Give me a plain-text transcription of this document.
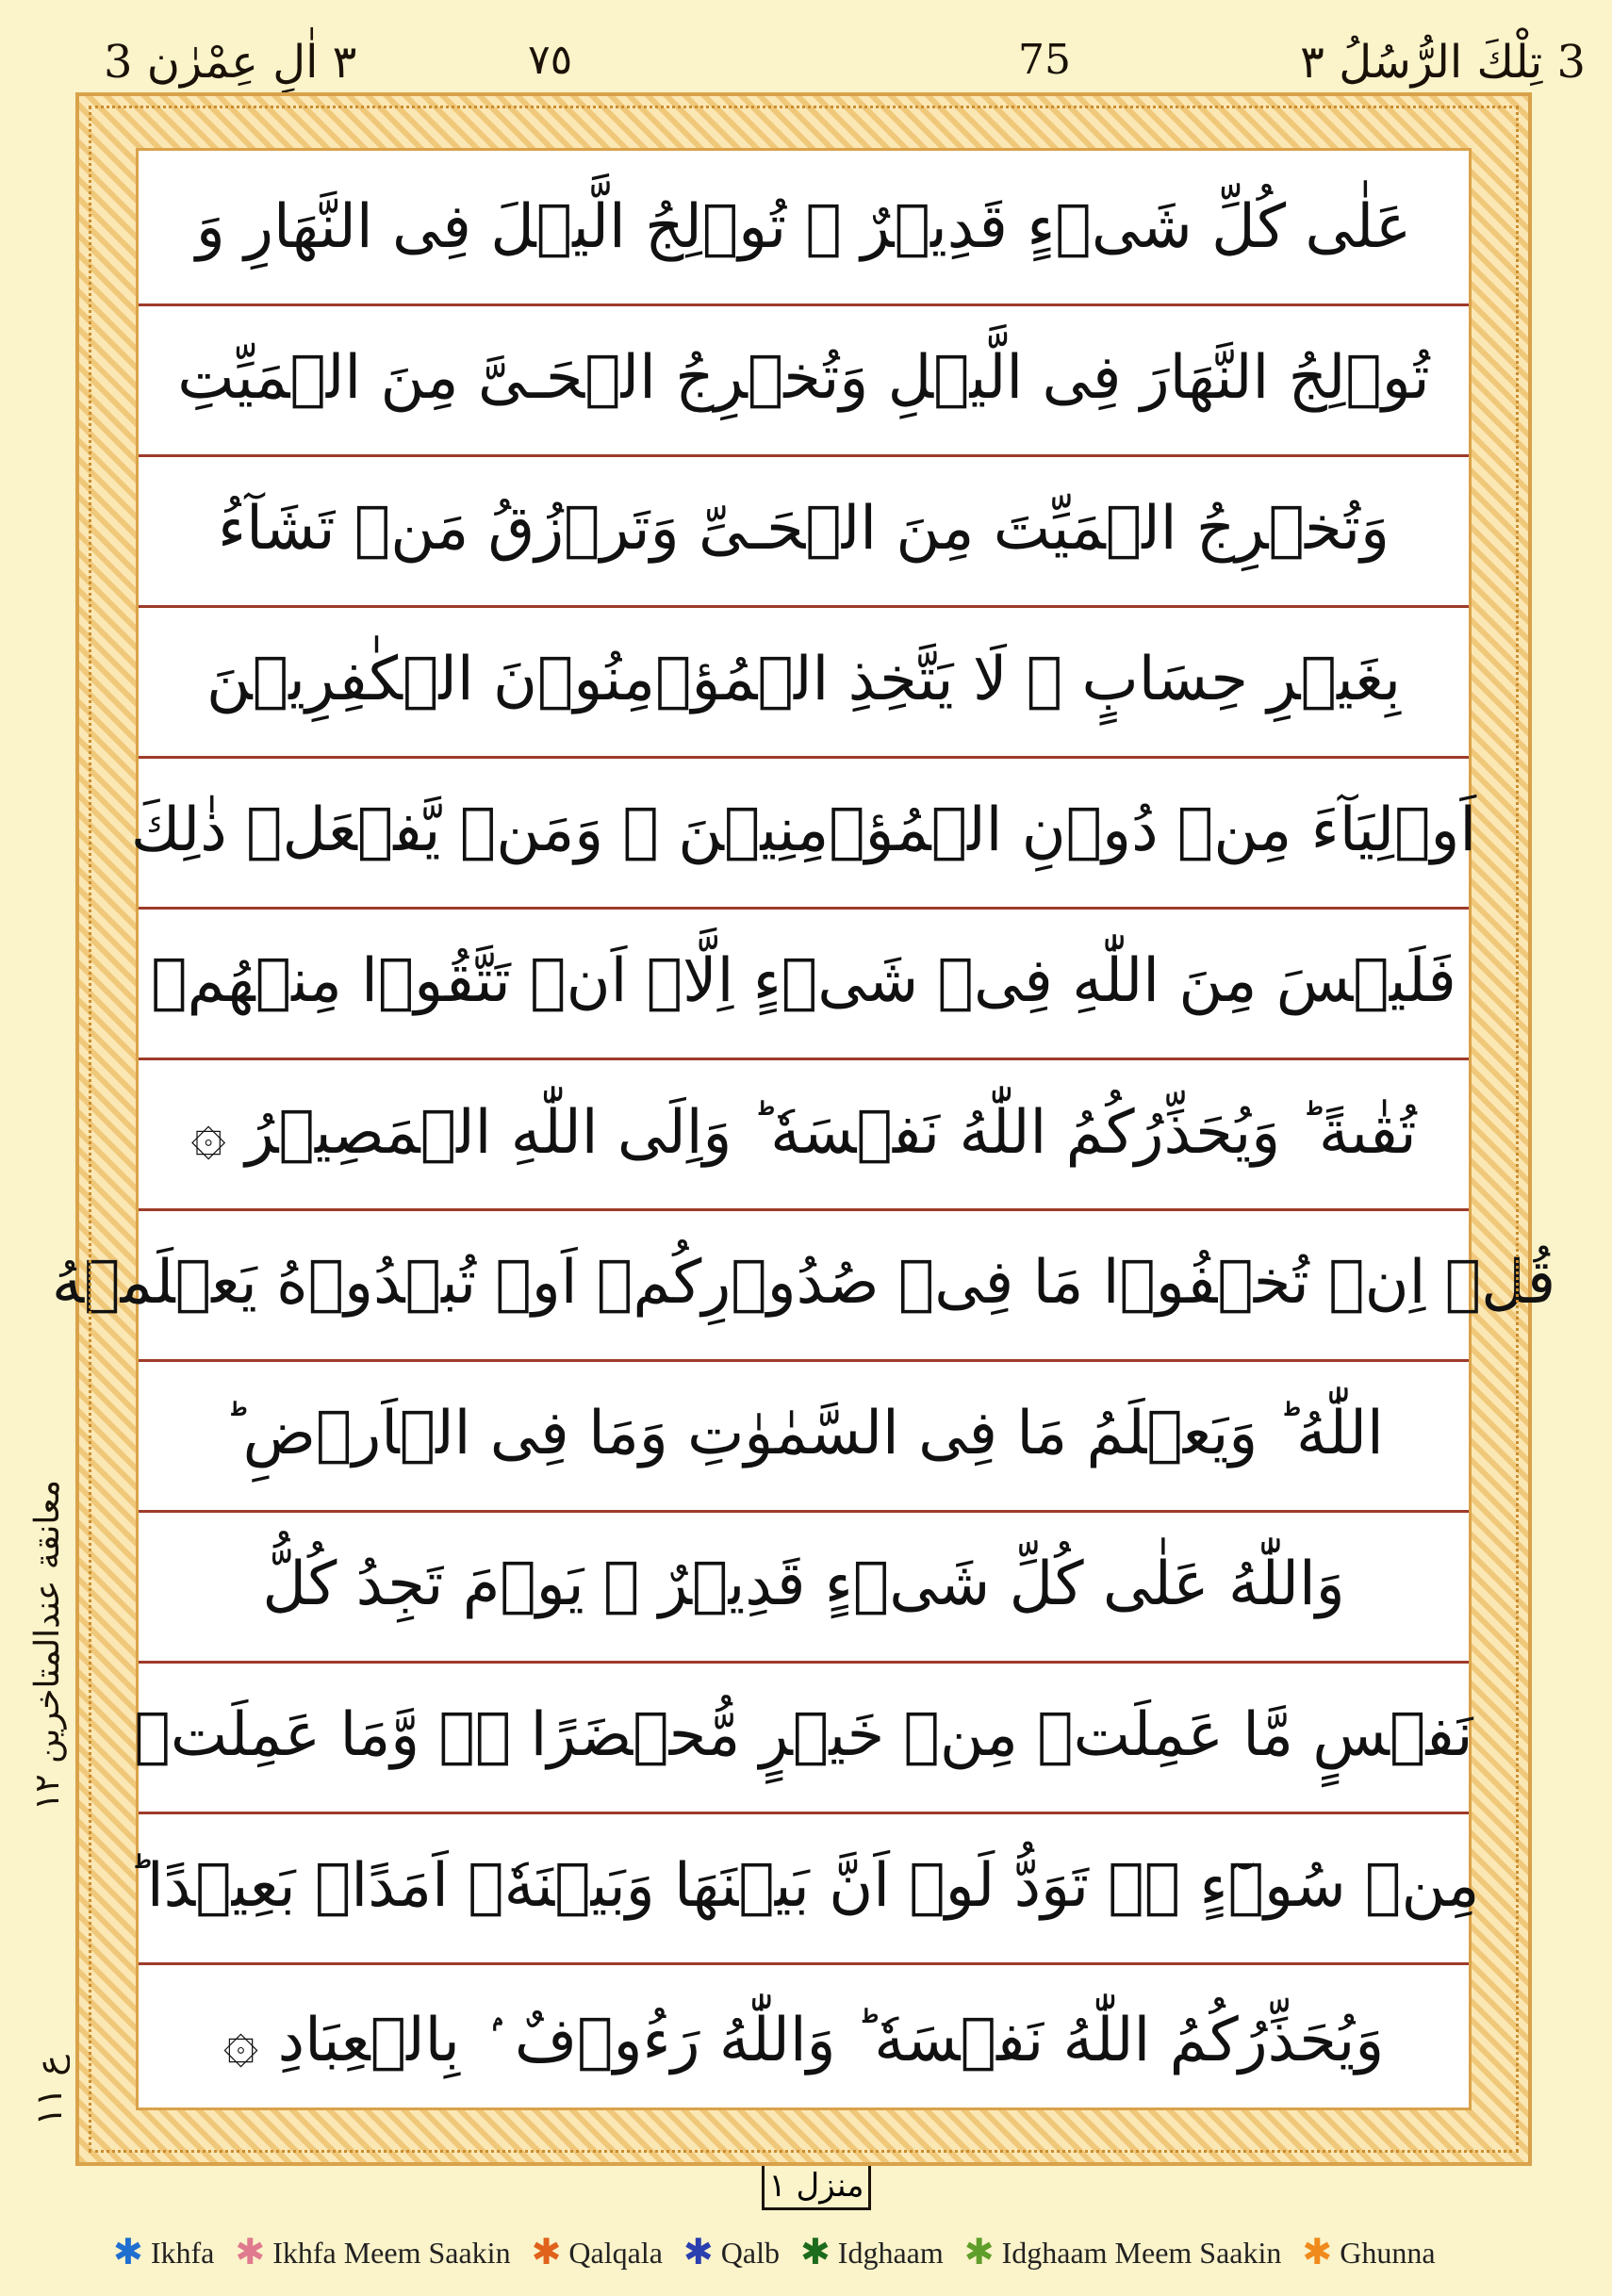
٣ اٰلِ عِمْرٰن 3	٧٥	75	3 تِلْكَ الرُّسُلُ ٣
عَلٰى كُلِّ شَىۡءٍ قَدِيۡرٌ ۞ تُوۡلِجُ الَّيۡلَ فِى النَّهَارِ وَ
تُوۡلِجُ النَّهَارَ فِى الَّيۡلِ وَتُخۡرِجُ الۡحَـىَّ مِنَ الۡمَيِّتِ
وَتُخۡرِجُ الۡمَيِّتَ مِنَ الۡحَـىِّ وَتَرۡزُقُ مَنۡ تَشَآءُ
بِغَيۡرِ حِسَابٍ ۞ لَا يَتَّخِذِ الۡمُؤۡمِنُوۡنَ الۡكٰفِرِيۡنَ
اَوۡلِيَآءَ مِنۡ دُوۡنِ الۡمُؤۡمِنِيۡنَ ۚ وَمَنۡ يَّفۡعَلۡ ذٰلِكَ
فَلَيۡسَ مِنَ اللّٰهِ فِىۡ شَىۡءٍ اِلَّاۤ اَنۡ تَتَّقُوۡا مِنۡهُمۡ
تُقٰٮةً ؕ وَيُحَذِّرُكُمُ اللّٰهُ نَفۡسَهٗ ؕ وَاِلَى اللّٰهِ الۡمَصِيۡرُ ۞
قُلۡ اِنۡ تُخۡفُوۡا مَا فِىۡ صُدُوۡرِكُمۡ اَوۡ تُبۡدُوۡهُ يَعۡلَمۡهُ
اللّٰهُ ؕ وَيَعۡلَمُ مَا فِى السَّمٰوٰتِ وَمَا فِى الۡاَرۡضِ ؕ
وَاللّٰهُ عَلٰى كُلِّ شَىۡءٍ قَدِيۡرٌ ۞ يَوۡمَ تَجِدُ كُلُّ
نَفۡسٍ مَّا عَمِلَتۡ مِنۡ خَيۡرٍ مُّحۡضَرًا ۛۚ وَّمَا عَمِلَتۡ
مِنۡ سُوۡٓءٍ ۛۚ تَوَدُّ لَوۡ اَنَّ بَيۡنَهَا وَبَيۡنَهٗۤ اَمَدًاۢ بَعِيۡدًا ؕ
وَيُحَذِّرُكُمُ اللّٰهُ نَفۡسَهٗ ؕ وَاللّٰهُ رَءُوۡفٌ ۢ بِالۡعِبَادِ ۞
معانقة عندالمتاخرين ١٢
ع ١١
منزل ١
✱ Ikhfa ✱ Ikhfa Meem Saakin ✱ Qalqala ✱ Qalb ✱ Idghaam ✱ Idghaam Meem Saakin ✱ Ghunna
